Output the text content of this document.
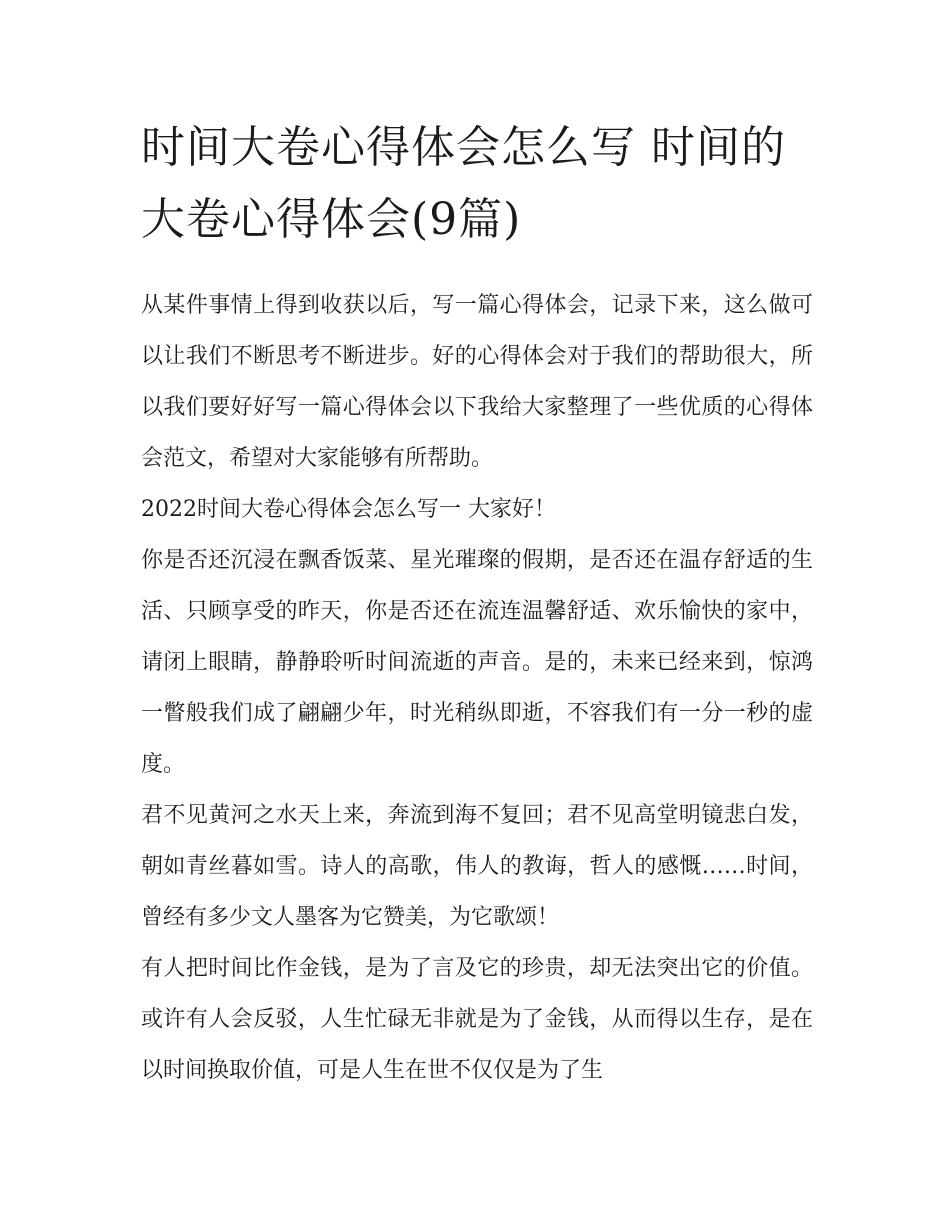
时间大卷心得体会怎么写 时间的大卷心得体会(9篇)

从某件事情上得到收获以后，写一篇心得体会，记录下来，这么做可以让我们不断思考不断进步。好的心得体会对于我们的帮助很大，所以我们要好好写一篇心得体会以下我给大家整理了一些优质的心得体会范文，希望对大家能够有所帮助。

2022时间大卷心得体会怎么写一 大家好！

你是否还沉浸在飘香饭菜、星光璀璨的假期，是否还在温存舒适的生活、只顾享受的昨天，你是否还在流连温馨舒适、欢乐愉快的家中，请闭上眼睛，静静聆听时间流逝的声音。是的，未来已经来到，惊鸿一瞥般我们成了翩翩少年，时光稍纵即逝，不容我们有一分一秒的虚度。

君不见黄河之水天上来，奔流到海不复回；君不见高堂明镜悲白发，朝如青丝暮如雪。诗人的高歌，伟人的教诲，哲人的感慨……时间，曾经有多少文人墨客为它赞美，为它歌颂！

有人把时间比作金钱，是为了言及它的珍贵，却无法突出它的价值。或许有人会反驳，人生忙碌无非就是为了金钱，从而得以生存，是在以时间换取价值，可是人生在世不仅仅是为了生
